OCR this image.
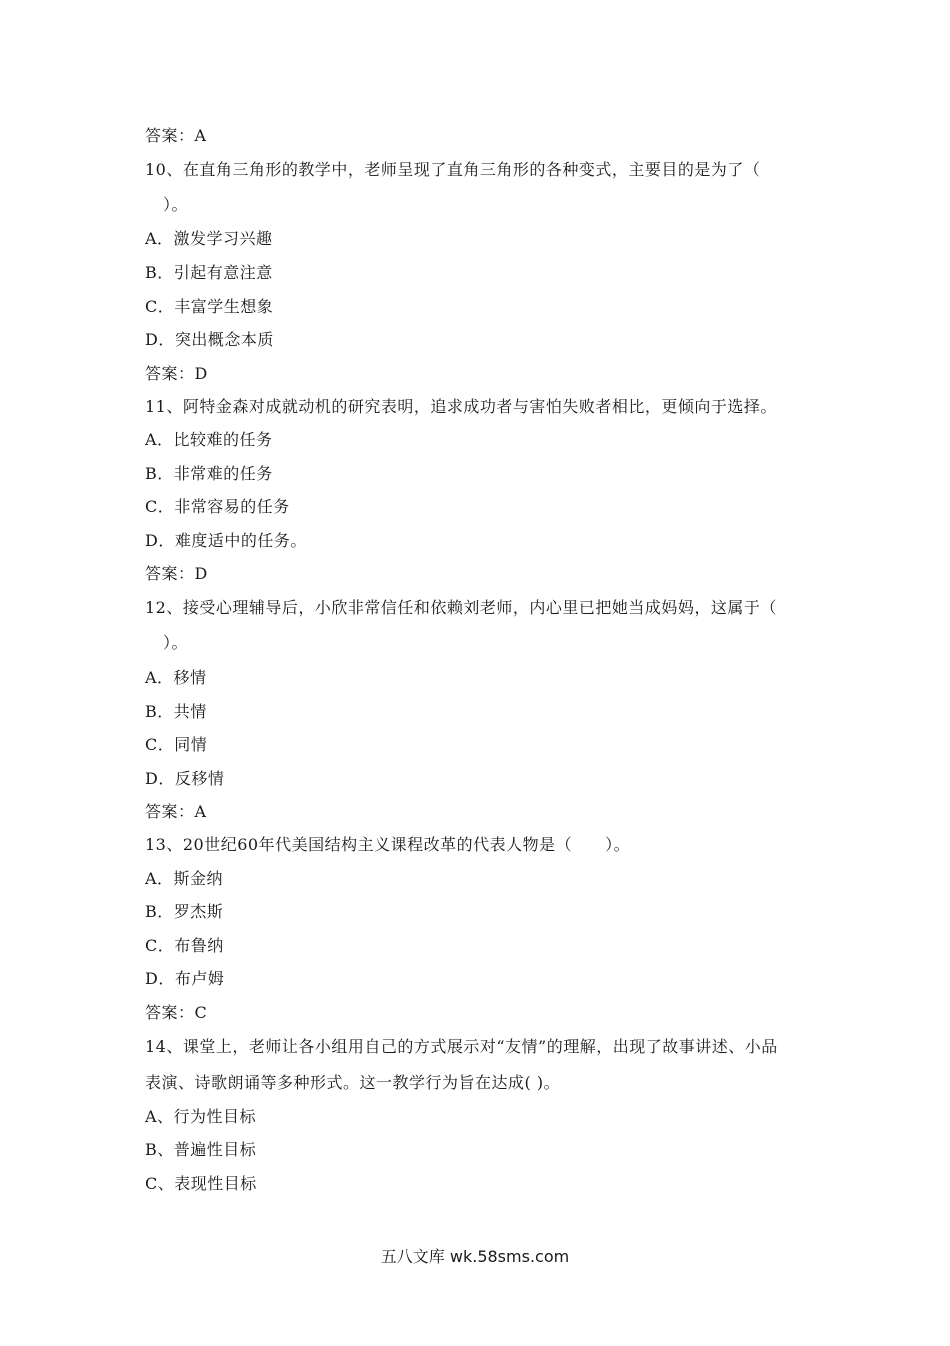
答案：A
10、在直角三角形的教学中，老师呈现了直角三角形的各种变式，主要目的是为了（
）。
A．激发学习兴趣
B．引起有意注意
C．丰富学生想象
D．突出概念本质
答案：D
11、阿特金森对成就动机的研究表明，追求成功者与害怕失败者相比，更倾向于选择。
A．比较难的任务
B．非常难的任务
C．非常容易的任务
D．难度适中的任务。
答案：D
12、接受心理辅导后，小欣非常信任和依赖刘老师，内心里已把她当成妈妈，这属于（
）。
A．移情
B．共情
C．同情
D．反移情
答案：A
13、20世纪60年代美国结构主义课程改革的代表人物是（　　）。
A．斯金纳
B．罗杰斯
C．布鲁纳
D．布卢姆
答案：C
14、课堂上，老师让各小组用自己的方式展示对“友情”的理解，出现了故事讲述、小品
表演、诗歌朗诵等多种形式。这一教学行为旨在达成( )。
A、行为性目标
B、普遍性目标
C、表现性目标
五八文库 wk.58sms.com
